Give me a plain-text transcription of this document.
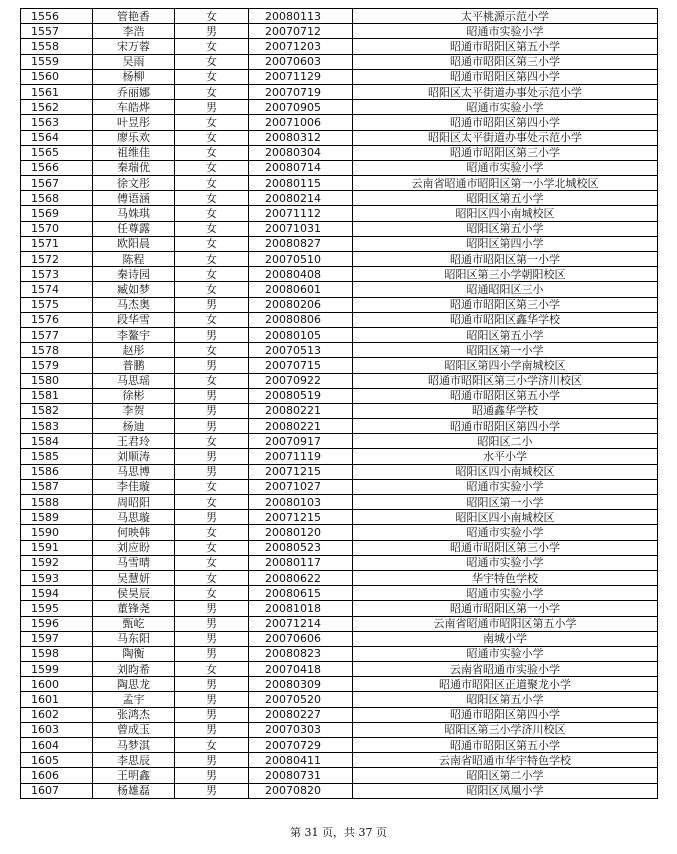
1556	管艳香	女	20080113	太平桃源示范小学
1557	李浩	男	20070712	昭通市实验小学
1558	宋万蓉	女	20071203	昭通市昭阳区第五小学
1559	吴雨	女	20070603	昭通市昭阳区第三小学
1560	杨柳	女	20071129	昭通市昭阳区第四小学
1561	乔丽娜	女	20070719	昭阳区太平街道办事处示范小学
1562	车皓烨	男	20070905	昭通市实验小学
1563	叶昱彤	女	20071006	昭通市昭阳区第四小学
1564	廖乐欢	女	20080312	昭阳区太平街道办事处示范小学
1565	祖维佳	女	20080304	昭通市昭阳区第三小学
1566	秦瑞优	女	20080714	昭通市实验小学
1567	徐文彤	女	20080115	云南省昭通市昭阳区第一小学北城校区
1568	傅语涵	女	20080214	昭阳区第五小学
1569	马姝琪	女	20071112	昭阳区四小南城校区
1570	任尊露	女	20071031	昭阳区第五小学
1571	欧阳晨	女	20080827	昭阳区第四小学
1572	陈程	女	20070510	昭通市昭阳区第一小学
1573	秦诗园	女	20080408	昭阳区第三小学朝阳校区
1574	臧如梦	女	20080601	昭通昭阳区三小
1575	马杰奥	男	20080206	昭通市昭阳区第三小学
1576	段华雪	女	20080806	昭通市昭阳区鑫华学校
1577	李鳌宇	男	20080105	昭阳区第五小学
1578	赵彤	女	20070513	昭阳区第一小学
1579	普鹏	男	20070715	昭阳区第四小学南城校区
1580	马思瑶	女	20070922	昭通市昭阳区第三小学济川校区
1581	徐彬	男	20080519	昭通市昭阳区第五小学
1582	李贺	男	20080221	昭通鑫华学校
1583	杨迪	男	20080221	昭通市昭阳区第四小学
1584	王君玲	女	20070917	昭阳区二小
1585	刘顺涛	男	20071119	水平小学
1586	马思博	男	20071215	昭阳区四小南城校区
1587	李佳璇	女	20071027	昭通市实验小学
1588	周昭阳	女	20080103	昭阳区第一小学
1589	马思璇	男	20071215	昭阳区四小南城校区
1590	何映韩	女	20080120	昭通市实验小学
1591	刘应盼	女	20080523	昭通市昭阳区第三小学
1592	马雪晴	女	20080117	昭通市实验小学
1593	吴慧妍	女	20080622	华宇特色学校
1594	侯昊辰	女	20080615	昭通市实验小学
1595	董锋尧	男	20081018	昭通市昭阳区第一小学
1596	甄屹	男	20071214	云南省昭通市昭阳区第五小学
1597	马东阳	男	20070606	南城小学
1598	陶衡	男	20080823	昭通市实验小学
1599	刘昀希	女	20070418	云南省昭通市实验小学
1600	陶思龙	男	20080309	昭通市昭阳区正道聚龙小学
1601	孟宇	男	20070520	昭阳区第五小学
1602	张鸿杰	男	20080227	昭通市昭阳区第四小学
1603	曾成玉	男	20070303	昭阳区第三小学济川校区
1604	马梦淇	女	20070729	昭通市昭阳区第五小学
1605	李思辰	男	20080411	云南省昭通市华宇特色学校
1606	王明鑫	男	20080731	昭阳区第二小学
1607	杨雄磊	男	20070820	昭阳区凤凰小学
第 31 页，共 37 页
